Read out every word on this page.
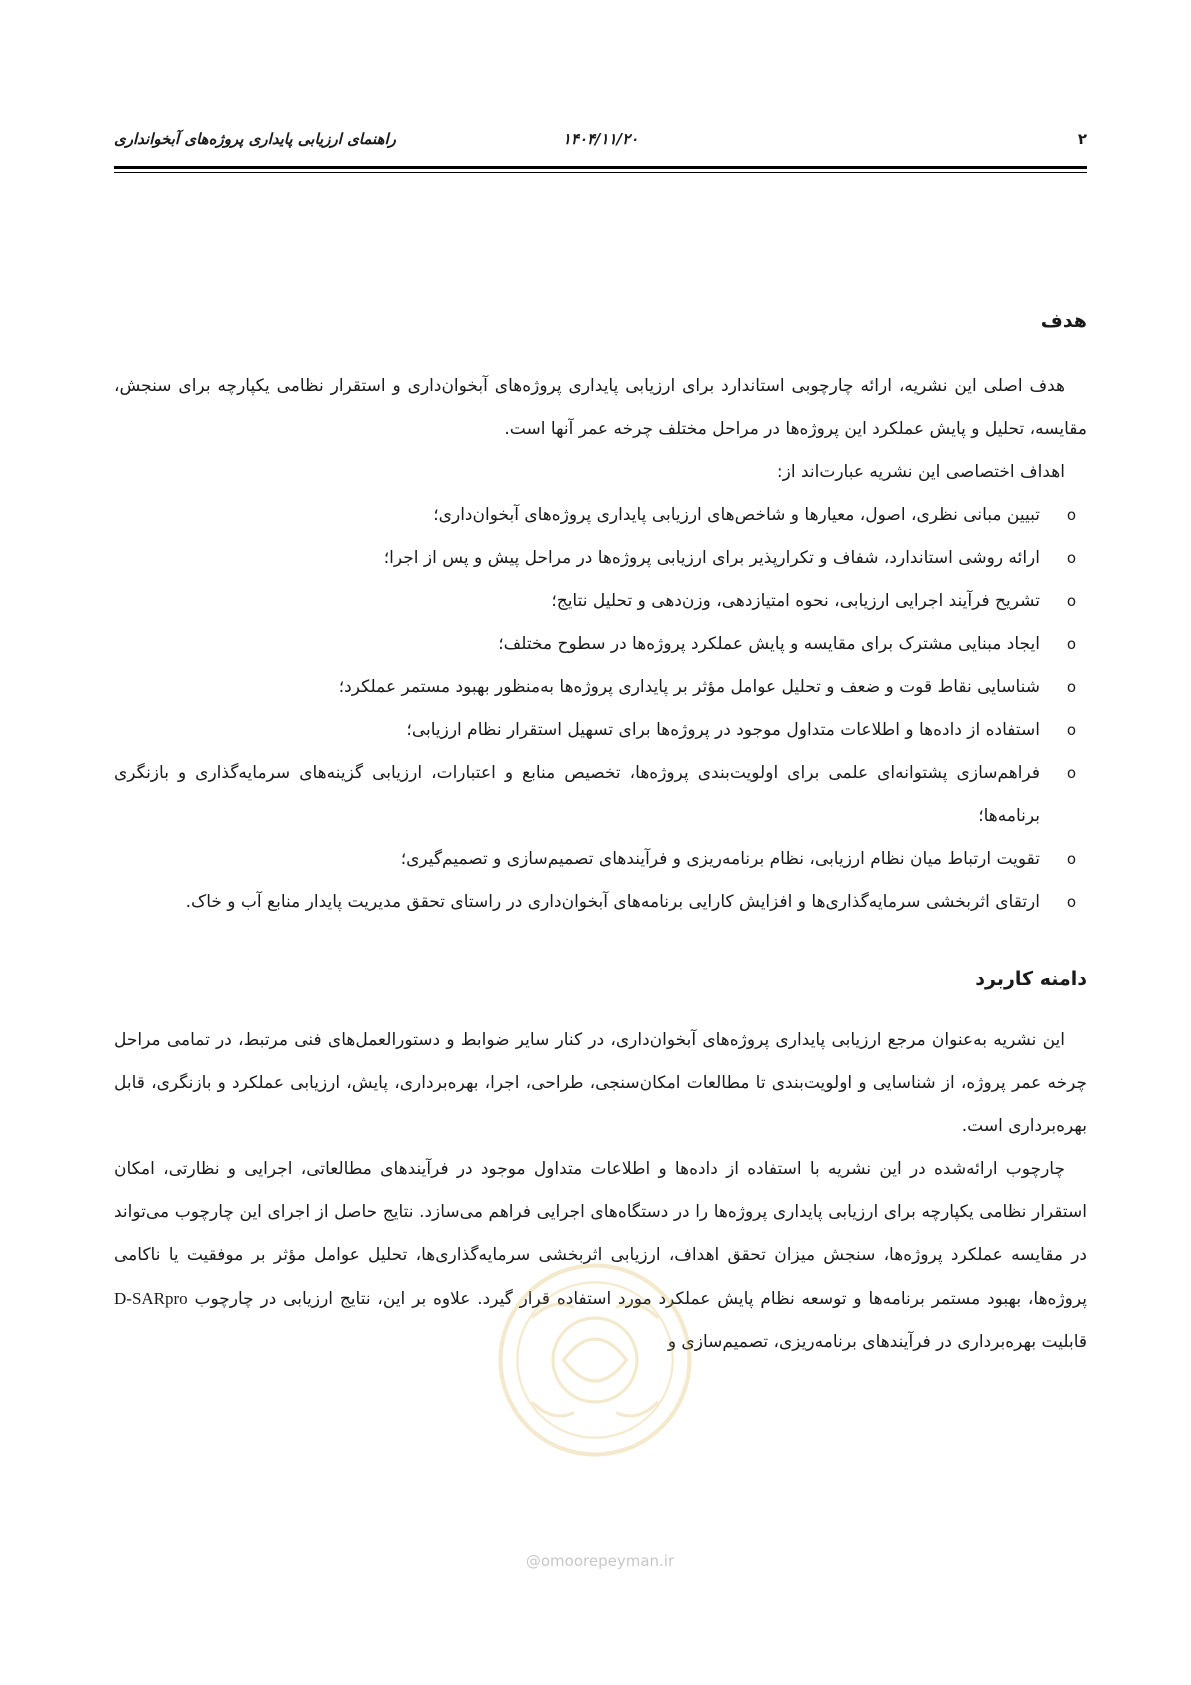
۲
۱۴۰۴/۱۱/۲۰
راهنمای ارزیابی پایداری پروژه‌های آبخوانداری
هدف

هدف اصلی این نشریه، ارائه چارچوبی استاندارد برای ارزیابی پایداری پروژه‌های آبخوان‌داری و استقرار نظامی یکپارچه برای سنجش، مقایسه، تحلیل و پایش عملکرد این پروژه‌ها در مراحل مختلف چرخه عمر آنها است.

اهداف اختصاصی این نشریه عبارت‌اند از:

o
تبیین مبانی نظری، اصول، معیارها و شاخص‌های ارزیابی پایداری پروژه‌های آبخوان‌داری؛
o
ارائه روشی استاندارد، شفاف و تکرارپذیر برای ارزیابی پروژه‌ها در مراحل پیش و پس از اجرا؛
o
تشریح فرآیند اجرایی ارزیابی، نحوه امتیازدهی، وزن‌دهی و تحلیل نتایج؛
o
ایجاد مبنایی مشترک برای مقایسه و پایش عملکرد پروژه‌ها در سطوح مختلف؛
o
شناسایی نقاط قوت و ضعف و تحلیل عوامل مؤثر بر پایداری پروژه‌ها به‌منظور بهبود مستمر عملکرد؛
o
استفاده از داده‌ها و اطلاعات متداول موجود در پروژه‌ها برای تسهیل استقرار نظام ارزیابی؛
o
فراهم‌سازی پشتوانه‌ای علمی برای اولویت‌بندی پروژه‌ها، تخصیص منابع و اعتبارات، ارزیابی گزینه‌های سرمایه‌گذاری و بازنگری برنامه‌ها؛
o
تقویت ارتباط میان نظام ارزیابی، نظام برنامه‌ریزی و فرآیندهای تصمیم‌سازی و تصمیم‌گیری؛
o
ارتقای اثربخشی سرمایه‌گذاری‌ها و افزایش کارایی برنامه‌های آبخوان‌داری در راستای تحقق مدیریت پایدار منابع آب و خاک.
دامنه کاربرد

این نشریه به‌عنوان مرجع ارزیابی پایداری پروژه‌های آبخوان‌داری، در کنار سایر ضوابط و دستورالعمل‌های فنی مرتبط، در تمامی مراحل چرخه عمر پروژه، از شناسایی و اولویت‌بندی تا مطالعات امکان‌سنجی، طراحی، اجرا، بهره‌برداری، پایش، ارزیابی عملکرد و بازنگری، قابل بهره‌برداری است.

چارچوب ارائه‌شده در این نشریه با استفاده از داده‌ها و اطلاعات متداول موجود در فرآیندهای مطالعاتی، اجرایی و نظارتی، امکان استقرار نظامی یکپارچه برای ارزیابی پایداری پروژه‌ها را در دستگاه‌های اجرایی فراهم می‌سازد. نتایج حاصل از اجرای این چارچوب می‌تواند در مقایسه عملکرد پروژه‌ها، سنجش میزان تحقق اهداف، ارزیابی اثربخشی سرمایه‌گذاری‌ها، تحلیل عوامل مؤثر بر موفقیت یا ناکامی پروژه‌ها، بهبود مستمر برنامه‌ها و توسعه نظام پایش عملکرد مورد استفاده قرار گیرد. علاوه بر این، نتایج ارزیابی در چارچوب D-SARpro قابلیت بهره‌برداری در فرآیندهای برنامه‌ریزی، تصمیم‌سازی و

@omoorepeyman.ir
